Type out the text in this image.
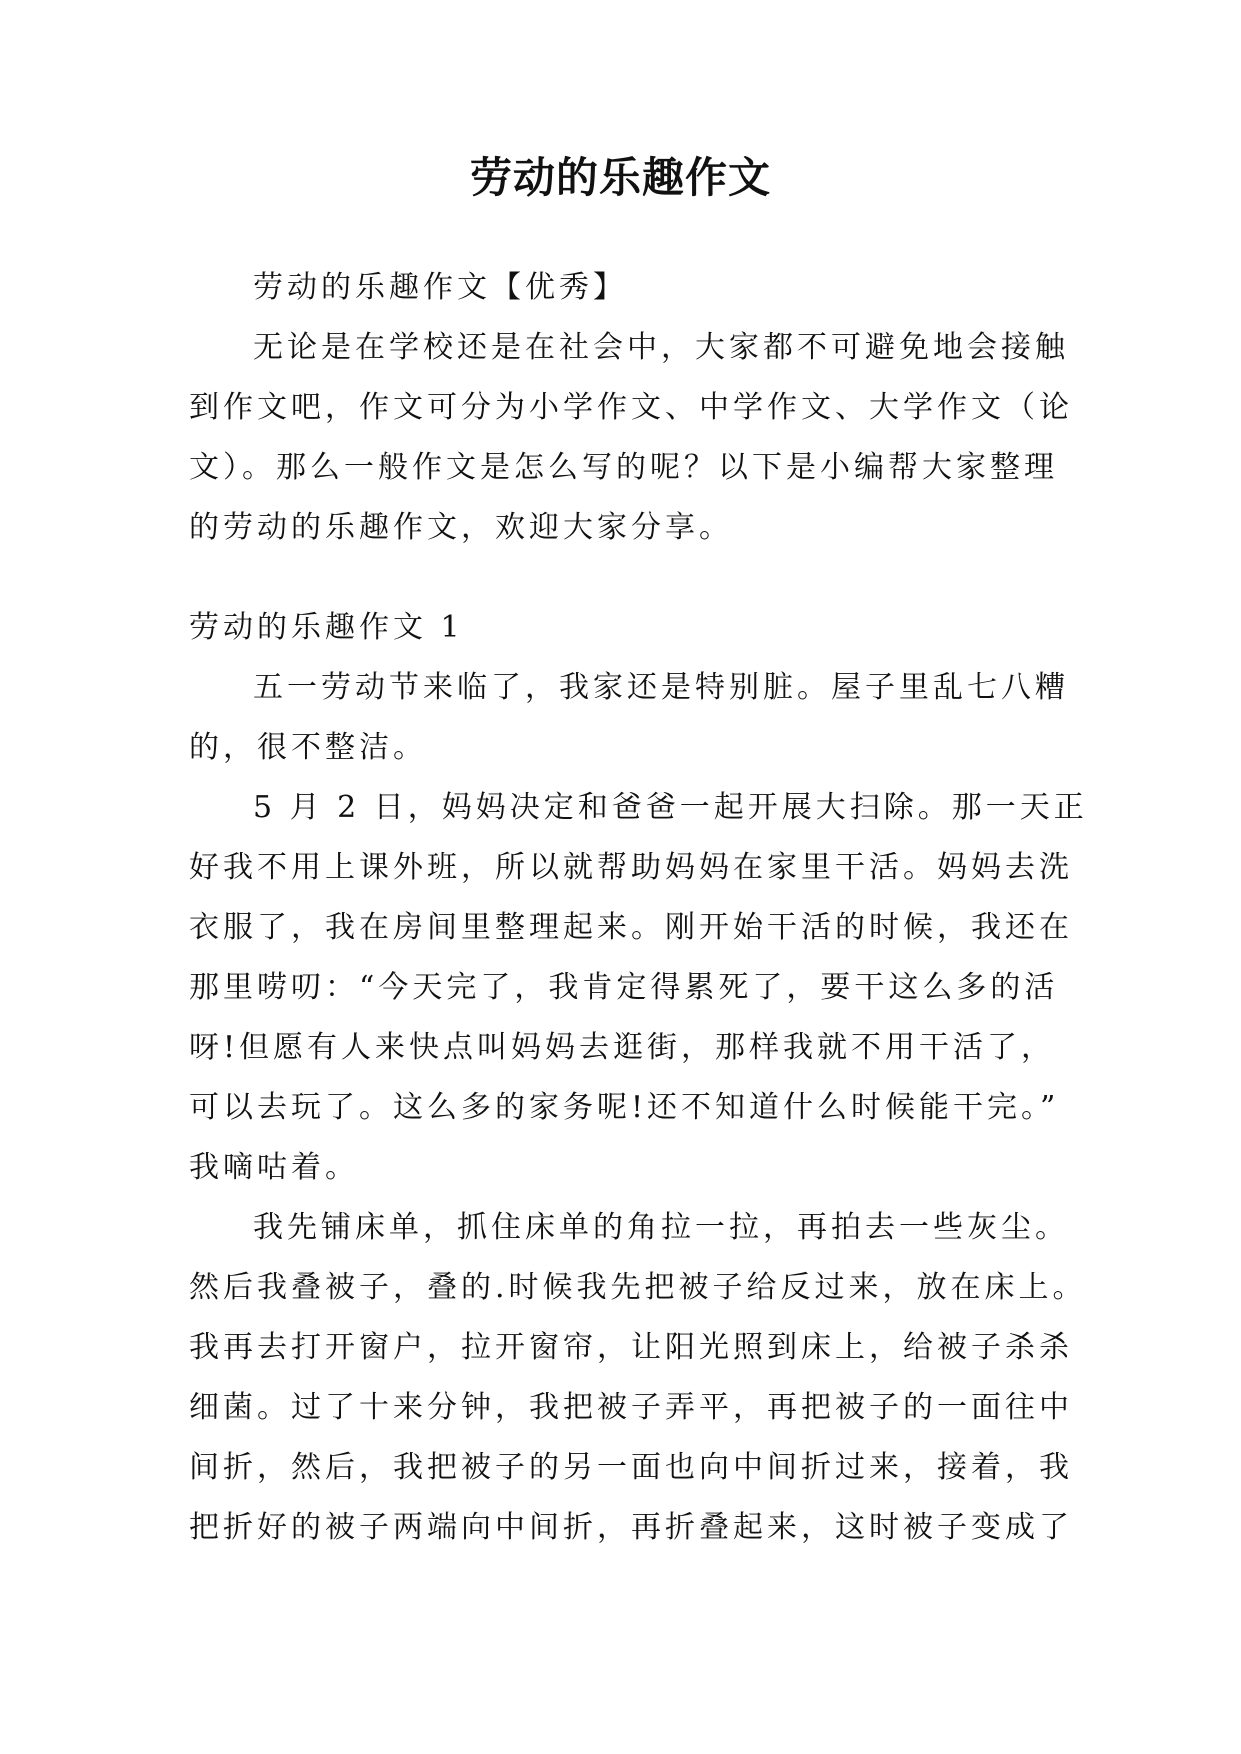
劳动的乐趣作文
劳动的乐趣作文【优秀】
无论是在学校还是在社会中，大家都不可避免地会接触
到作文吧，作文可分为小学作文、中学作文、大学作文（论
文）。那么一般作文是怎么写的呢？以下是小编帮大家整理
的劳动的乐趣作文，欢迎大家分享。
劳动的乐趣作文 1
五一劳动节来临了，我家还是特别脏。屋子里乱七八糟
的，很不整洁。
5 月 2 日，妈妈决定和爸爸一起开展大扫除。那一天正
好我不用上课外班，所以就帮助妈妈在家里干活。妈妈去洗
衣服了，我在房间里整理起来。刚开始干活的时候，我还在
那里唠叨：“今天完了，我肯定得累死了，要干这么多的活
呀!但愿有人来快点叫妈妈去逛街，那样我就不用干活了，
可以去玩了。这么多的家务呢!还不知道什么时候能干完。”
我嘀咕着。
我先铺床单，抓住床单的角拉一拉，再拍去一些灰尘。
然后我叠被子，叠的.时候我先把被子给反过来，放在床上。
我再去打开窗户，拉开窗帘，让阳光照到床上，给被子杀杀
细菌。过了十来分钟，我把被子弄平，再把被子的一面往中
间折，然后，我把被子的另一面也向中间折过来，接着，我
把折好的被子两端向中间折，再折叠起来，这时被子变成了
